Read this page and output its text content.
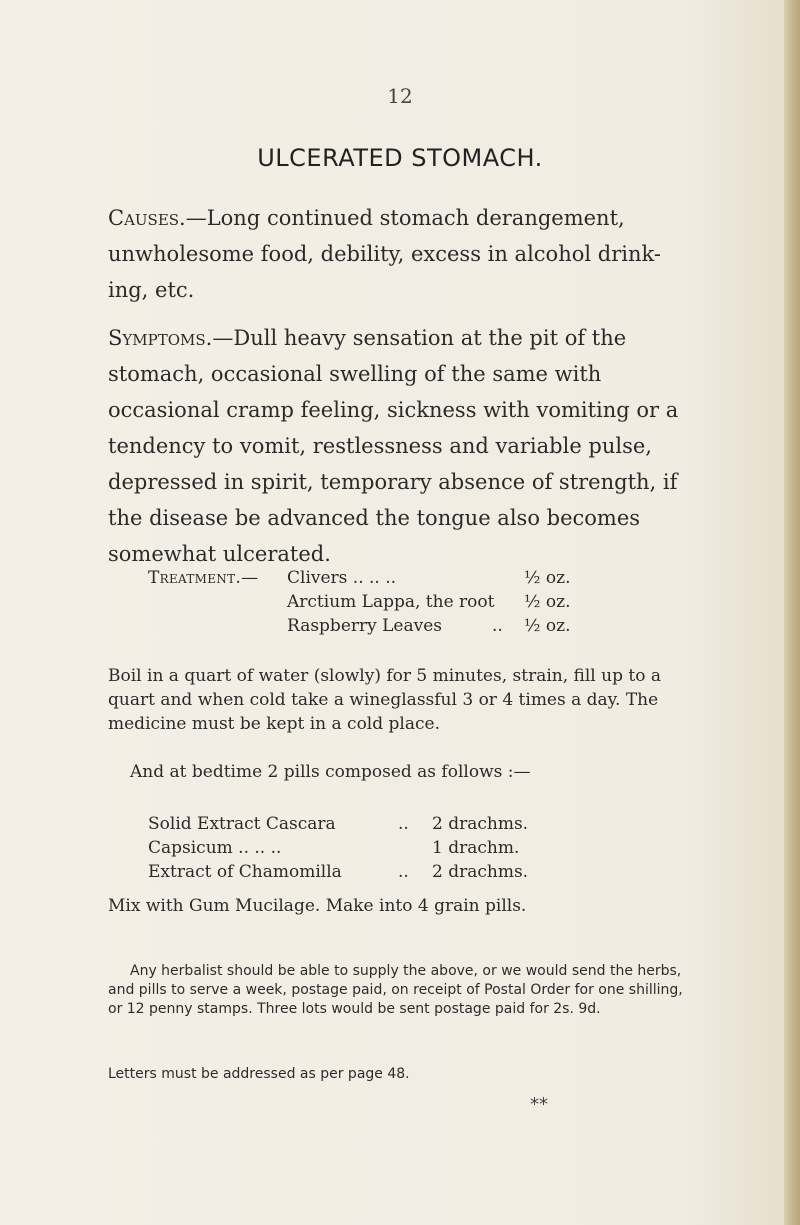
12
ULCERATED STOMACH.
Causes.—Long continued stomach derangement, unwholesome food, debility, excess in alcohol drink-ing, etc.
Symptoms.—Dull heavy sensation at the pit of the stomach, occasional swelling of the same with occasional cramp feeling, sickness with vomiting or a tendency to vomit, restlessness and variable pulse, depressed in spirit, temporary absence of strength, if the disease be advanced the tongue also becomes somewhat ulcerated.
Treatment.—	Clivers .. .. ..	½ oz.
Arctium Lappa, the root ½ oz.
Raspberry Leaves	..	½ oz.
Boil in a quart of water (slowly) for 5 minutes, strain, fill up to a quart and when cold take a wineglassful 3 or 4 times a day. The medicine must be kept in a cold place.
And at bedtime 2 pills composed as follows :—
Solid Extract Cascara	..	2 drachms.
Capsicum .. .. ..	1 drachm.
Extract of Chamomilla	..	2 drachms.
Mix with Gum Mucilage. Make into 4 grain pills.
Any herbalist should be able to supply the above, or we would send the herbs, and pills to serve a week, postage paid, on receipt of Postal Order for one shilling, or 12 penny stamps. Three lots would be sent postage paid for 2s. 9d.
Letters must be addressed as per page 48.
**
